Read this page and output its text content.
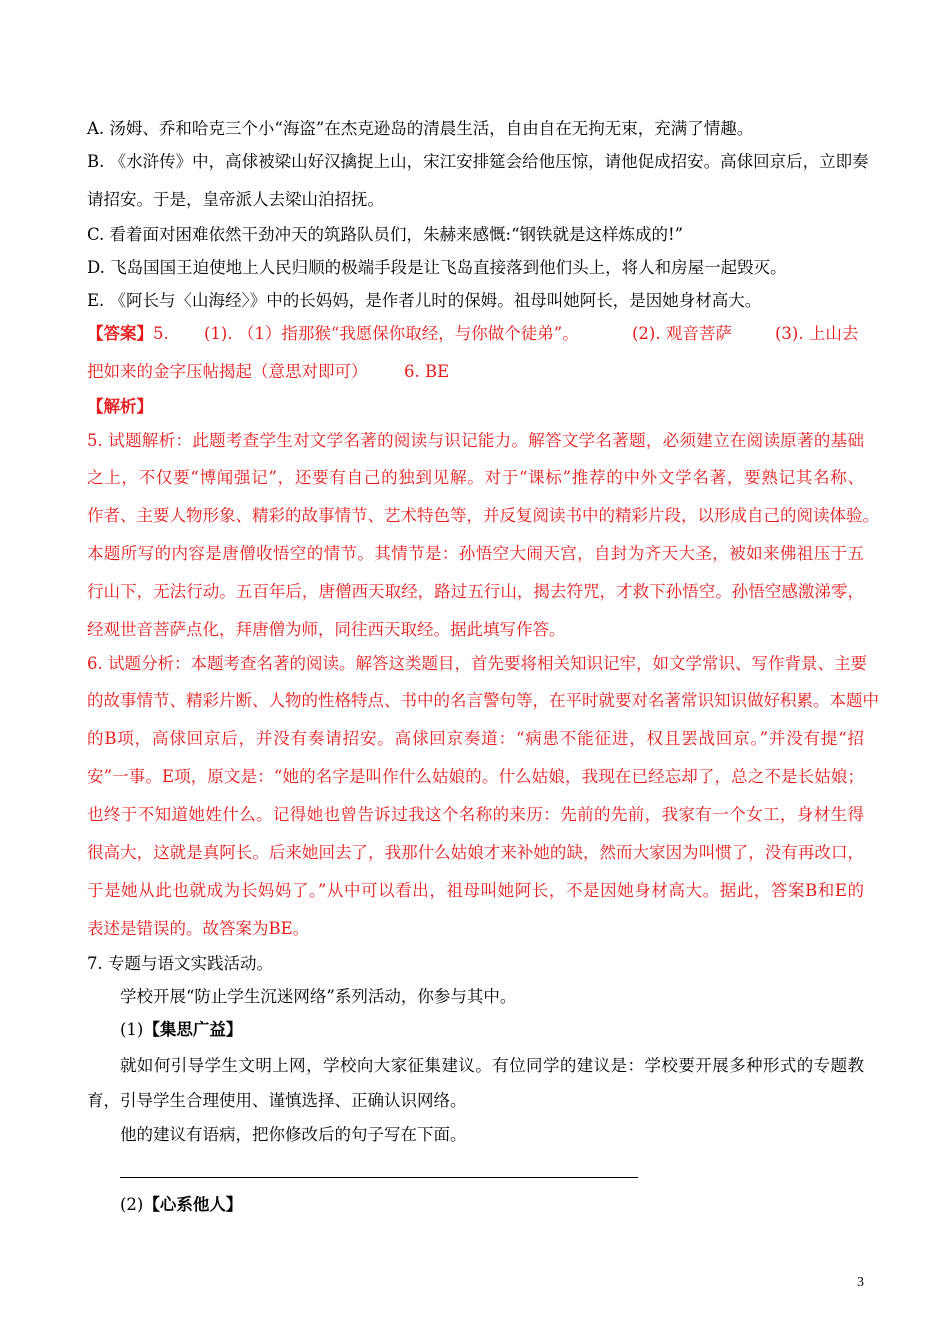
A. 汤姆、乔和哈克三个小“海盗”在杰克逊岛的清晨生活，自由自在无拘无束，充满了情趣。
B. 《水浒传》中，高俅被梁山好汉擒捉上山，宋江安排筵会给他压惊，请他促成招安。高俅回京后，立即奏
请招安。于是，皇帝派人去梁山泊招抚。
C. 看着面对困难依然干劲冲天的筑路队员们，朱赫来感慨:“钢铁就是这样炼成的!”
D. 飞岛国国王迫使地上人民归顺的极端手段是让飞岛直接落到他们头上，将人和房屋一起毁灭。
E. 《阿长与〈山海经〉》中的长妈妈，是作者儿时的保姆。祖母叫她阿长，是因她身材高大。
【答案】5. (1). （1）指那猴“我愿保你取经，与你做个徒弟”。	(2). 观音菩萨	(3). 上山去
把如来的金字压帖揭起（意思对即可） 6. BE
【解析】
5. 试题解析：此题考查学生对文学名著的阅读与识记能力。解答文学名著题，必须建立在阅读原著的基础
之上，不仅要“博闻强记”，还要有自己的独到见解。对于“课标”推荐的中外文学名著，要熟记其名称、
作者、主要人物形象、精彩的故事情节、艺术特色等，并反复阅读书中的精彩片段，以形成自己的阅读体验。
本题所写的内容是唐僧收悟空的情节。其情节是：孙悟空大闹天宫，自封为齐天大圣，被如来佛祖压于五
行山下，无法行动。五百年后，唐僧西天取经，路过五行山，揭去符咒，才救下孙悟空。孙悟空感激涕零，
经观世音菩萨点化，拜唐僧为师，同往西天取经。据此填写作答。
6. 试题分析：本题考查名著的阅读。解答这类题目，首先要将相关知识记牢，如文学常识、写作背景、主要
的故事情节、精彩片断、人物的性格特点、书中的名言警句等，在平时就要对名著常识知识做好积累。本题中
的B项，高俅回京后，并没有奏请招安。高俅回京奏道：“病患不能征进，权且罢战回京。”并没有提“招
安”一事。E项，原文是：“她的名字是叫作什么姑娘的。什么姑娘，我现在已经忘却了，总之不是长姑娘；
也终于不知道她姓什么。记得她也曾告诉过我这个名称的来历：先前的先前，我家有一个女工，身材生得
很高大，这就是真阿长。后来她回去了，我那什么姑娘才来补她的缺，然而大家因为叫惯了，没有再改口，
于是她从此也就成为长妈妈了。”从中可以看出，祖母叫她阿长，不是因她身材高大。据此，答案B和E的
表述是错误的。故答案为BE。
7. 专题与语文实践活动。
学校开展“防止学生沉迷网络”系列活动，你参与其中。
(1)【集思广益】
就如何引导学生文明上网，学校向大家征集建议。有位同学的建议是：学校要开展多种形式的专题教
育，引导学生合理使用、谨慎选择、正确认识网络。
他的建议有语病，把你修改后的句子写在下面。
(2)【心系他人】
3
